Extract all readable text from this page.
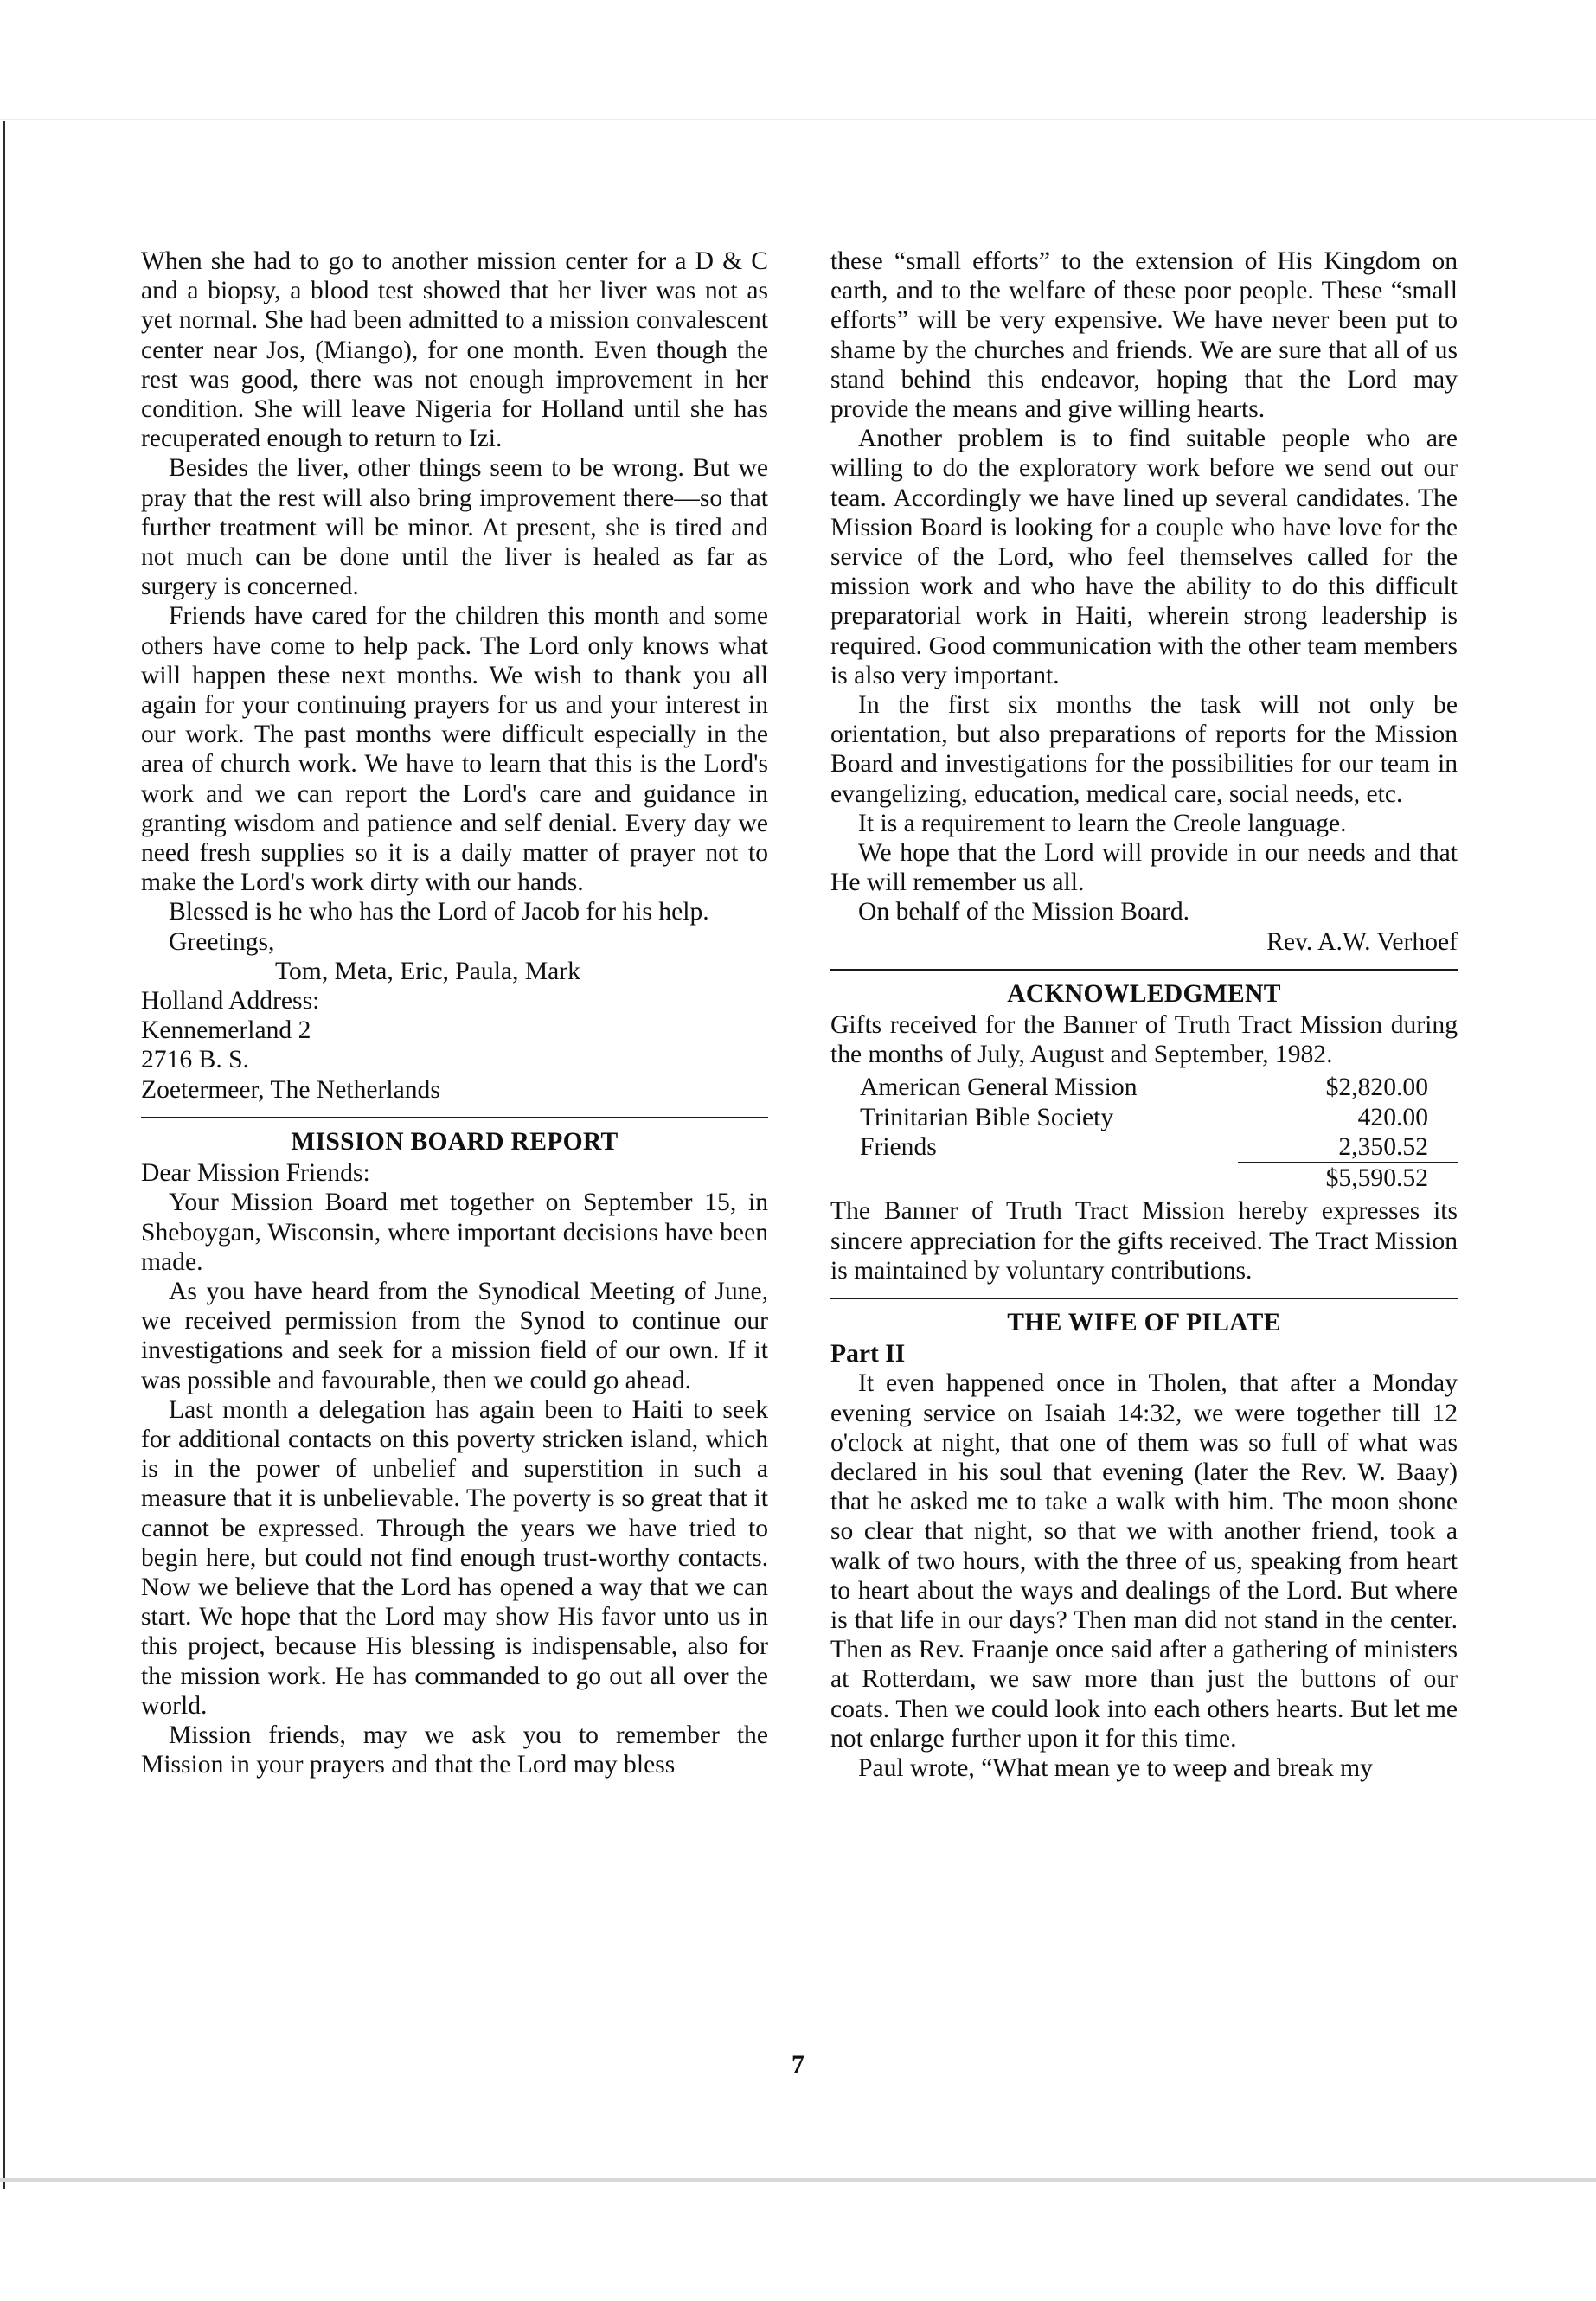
When she had to go to another mission center for a D & C and a biopsy, a blood test showed that her liver was not as yet normal. She had been admitted to a mission convalescent center near Jos, (Miango), for one month. Even though the rest was good, there was not enough improvement in her condition. She will leave Nigeria for Holland until she has recuperated enough to return to Izi.

Besides the liver, other things seem to be wrong. But we pray that the rest will also bring improvement there—so that further treatment will be minor. At present, she is tired and not much can be done until the liver is healed as far as surgery is concerned.

Friends have cared for the children this month and some others have come to help pack. The Lord only knows what will happen these next months. We wish to thank you all again for your continuing prayers for us and your interest in our work. The past months were difficult especially in the area of church work. We have to learn that this is the Lord's work and we can report the Lord's care and guidance in granting wisdom and patience and self denial. Every day we need fresh supplies so it is a daily matter of prayer not to make the Lord's work dirty with our hands.

Blessed is he who has the Lord of Jacob for his help.

Greetings,
Tom, Meta, Eric, Paula, Mark
Holland Address:
Kennemerland 2
2716 B. S.
Zoetermeer, The Netherlands
MISSION BOARD REPORT
Dear Mission Friends:

Your Mission Board met together on September 15, in Sheboygan, Wisconsin, where important decisions have been made.

As you have heard from the Synodical Meeting of June, we received permission from the Synod to continue our investigations and seek for a mission field of our own. If it was possible and favourable, then we could go ahead.

Last month a delegation has again been to Haiti to seek for additional contacts on this poverty stricken island, which is in the power of unbelief and superstition in such a measure that it is unbelievable. The poverty is so great that it cannot be expressed. Through the years we have tried to begin here, but could not find enough trust-worthy contacts. Now we believe that the Lord has opened a way that we can start. We hope that the Lord may show His favor unto us in this project, because His blessing is indispensable, also for the mission work. He has commanded to go out all over the world.

Mission friends, may we ask you to remember the Mission in your prayers and that the Lord may bless

these “small efforts” to the extension of His Kingdom on earth, and to the welfare of these poor people. These “small efforts” will be very expensive. We have never been put to shame by the churches and friends. We are sure that all of us stand behind this endeavor, hoping that the Lord may provide the means and give willing hearts.

Another problem is to find suitable people who are willing to do the exploratory work before we send out our team. Accordingly we have lined up several candidates. The Mission Board is looking for a couple who have love for the service of the Lord, who feel themselves called for the mission work and who have the ability to do this difficult preparatorial work in Haiti, wherein strong leadership is required. Good communication with the other team members is also very important.

In the first six months the task will not only be orientation, but also preparations of reports for the Mission Board and investigations for the possibilities for our team in evangelizing, education, medical care, social needs, etc.

It is a requirement to learn the Creole language.

We hope that the Lord will provide in our needs and that He will remember us all.

On behalf of the Mission Board.

Rev. A.W. Verhoef
ACKNOWLEDGMENT

Gifts received for the Banner of Truth Tract Mission during the months of July, August and September, 1982.

American General Mission	$2,820.00
Trinitarian Bible Society	420.00
Friends	2,350.52
	$5,590.52

The Banner of Truth Tract Mission hereby expresses its sincere appreciation for the gifts received. The Tract Mission is maintained by voluntary contributions.

THE WIFE OF PILATE
Part II

It even happened once in Tholen, that after a Monday evening service on Isaiah 14:32, we were together till 12 o'clock at night, that one of them was so full of what was declared in his soul that evening (later the Rev. W. Baay) that he asked me to take a walk with him. The moon shone so clear that night, so that we with another friend, took a walk of two hours, with the three of us, speaking from heart to heart about the ways and dealings of the Lord. But where is that life in our days? Then man did not stand in the center. Then as Rev. Fraanje once said after a gathering of ministers at Rotterdam, we saw more than just the buttons of our coats. Then we could look into each others hearts. But let me not enlarge further upon it for this time.

Paul wrote, “What mean ye to weep and break my

7
